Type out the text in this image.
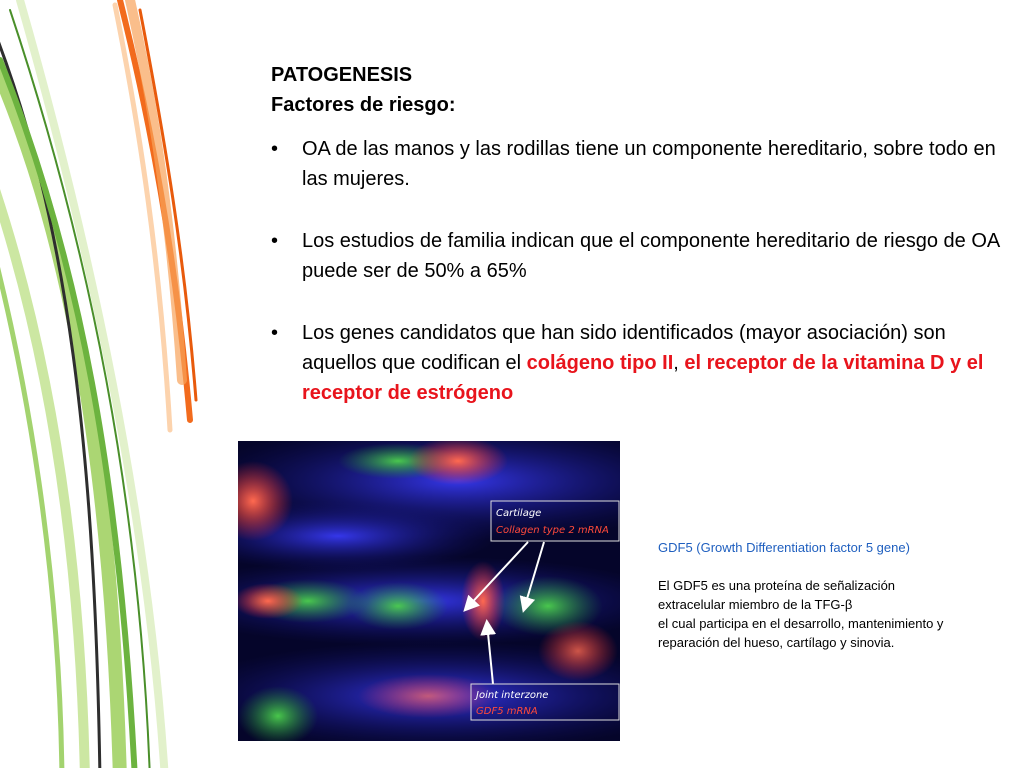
PATOGENESIS

Factores de riesgo:

• OA de las manos y las rodillas tiene un componente hereditario, sobre todo en las mujeres.
• Los estudios de familia indican que el componente hereditario de riesgo de OA puede ser de 50% a 65%
• Los genes candidatos que han sido identificados (mayor asociación) son aquellos que codifican el colágeno tipo II, el receptor de la vitamina D y el receptor de estrógeno
Cartilage
Collagen type 2 mRNA
Joint interzone
GDF5 mRNA

GDF5 (Growth Differentiation factor 5 gene)

El GDF5 es una proteína de señalización

extracelular miembro de la TFG-β

el cual participa en el desarrollo, mantenimiento y

reparación del hueso, cartílago y sinovia.
